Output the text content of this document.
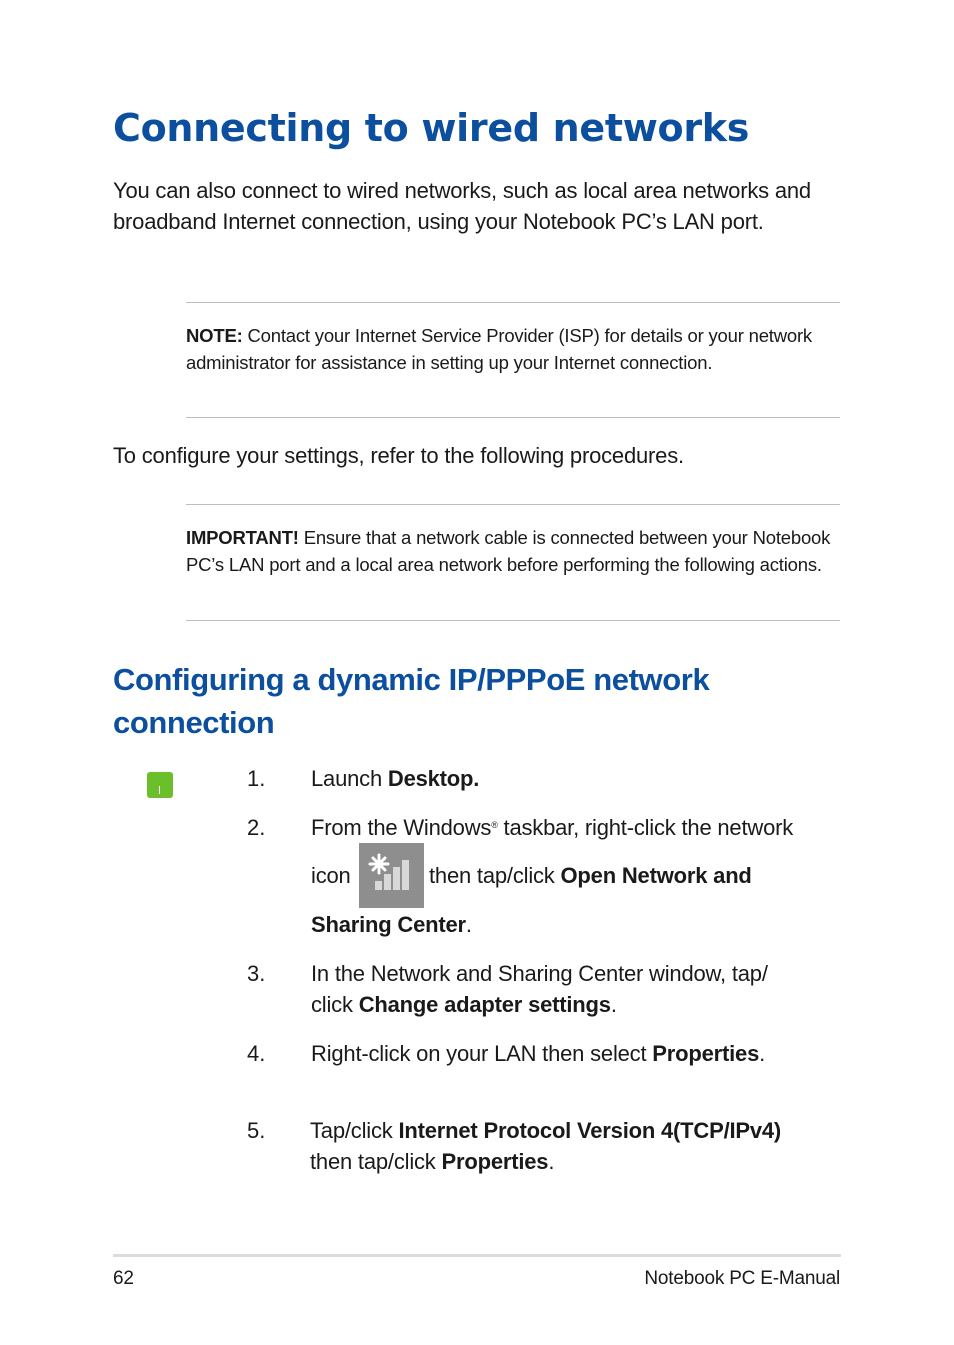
Connecting to wired networks

You can also connect to wired networks, such as local area networks and broadband Internet connection, using your Notebook PC’s LAN port.

NOTE: Contact your Internet Service Provider (ISP) for details or your network administrator for assistance in setting up your Internet connection.

To configure your settings, refer to the following procedures.

IMPORTANT! Ensure that a network cable is connected between your Notebook PC’s LAN port and a local area network before performing the following actions.

Configuring a dynamic IP/PPPoE network connection
1. Launch Desktop.

2. From the Windows® taskbar, right-click the network

icon	then tap/click Open Network and

Sharing Center.

3. In the Network and Sharing Center window, tap/

click Change adapter settings.

4. Right-click on your LAN then select Properties.

5. Tap/click Internet Protocol Version 4(TCP/IPv4)

then tap/click Properties.

62	Notebook PC E-Manual
